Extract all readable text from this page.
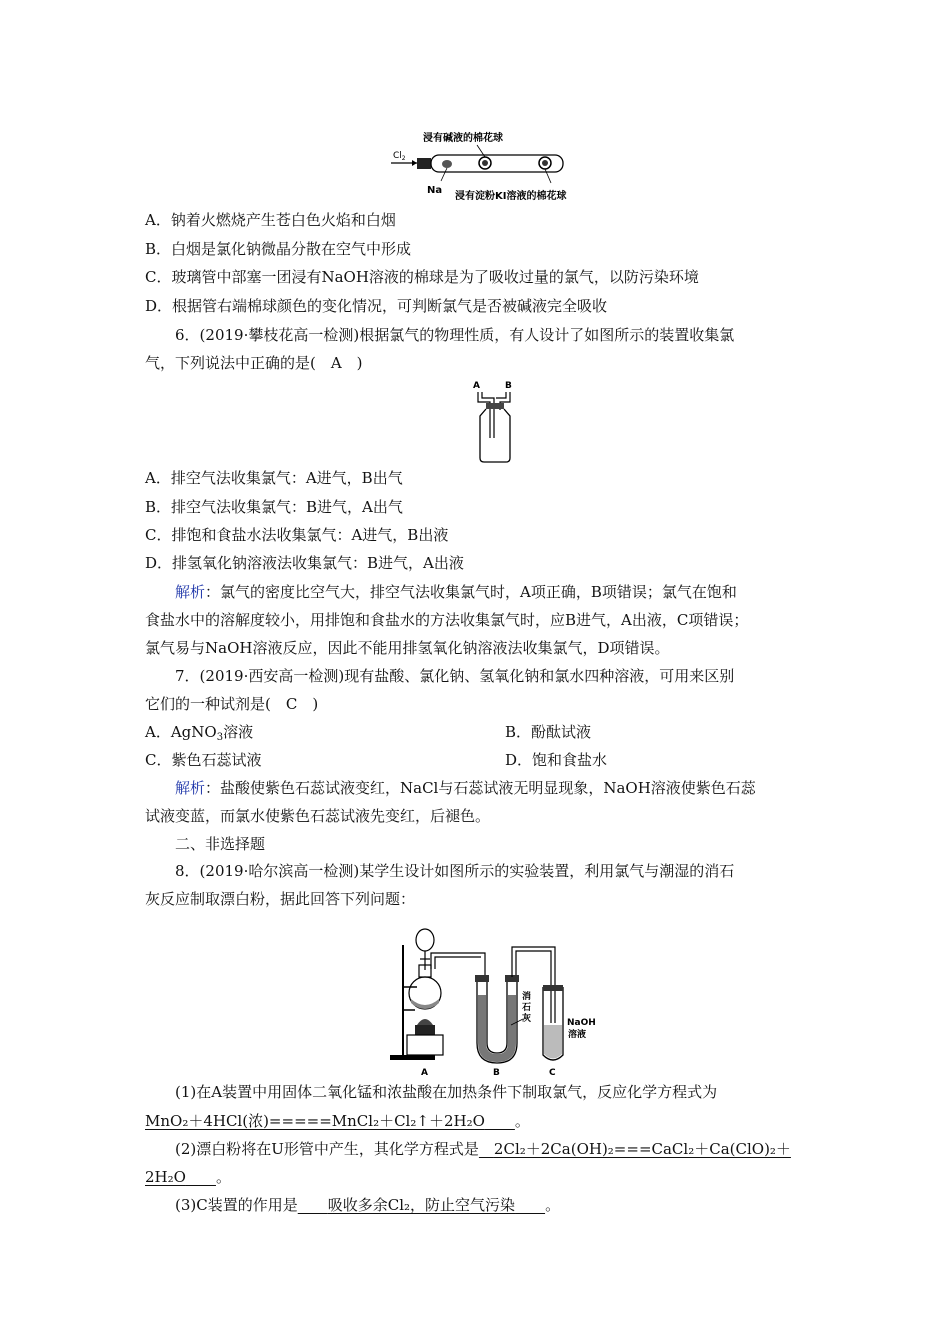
浸有碱液的棉花球
$Cl_2$
Na
浸有淀粉KI溶液的棉花球
A．钠着火燃烧产生苍白色火焰和白烟
B．白烟是氯化钠微晶分散在空气中形成
C．玻璃管中部塞一团浸有NaOH溶液的棉球是为了吸收过量的氯气，以防污染环境
D．根据管右端棉球颜色的变化情况，可判断氯气是否被碱液完全吸收
6．(2019·攀枝花高一检测)根据氯气的物理性质，有人设计了如图所示的装置收集氯
气，下列说法中正确的是(　A　)
A	B
A．排空气法收集氯气：A进气，B出气
B．排空气法收集氯气：B进气，A出气
C．排饱和食盐水法收集氯气：A进气，B出液
D．排氢氧化钠溶液法收集氯气：B进气，A出液
解析：氯气的密度比空气大，排空气法收集氯气时，A项正确，B项错误；氯气在饱和
食盐水中的溶解度较小，用排饱和食盐水的方法收集氯气时，应B进气，A出液，C项错误；
氯气易与NaOH溶液反应，因此不能用排氢氧化钠溶液法收集氯气，D项错误。
7．(2019·西安高一检测)现有盐酸、氯化钠、氢氧化钠和氯水四种溶液，可用来区别
它们的一种试剂是(　C　)
A．AgNO$_3$溶液	B．酚酞试液
C．紫色石蕊试液	D．饱和食盐水
解析：盐酸使紫色石蕊试液变红，NaCl与石蕊试液无明显现象，NaOH溶液使紫色石蕊
试液变蓝，而氯水使紫色石蕊试液先变红，后褪色。
二、非选择题
8．(2019·哈尔滨高一检测)某学生设计如图所示的实验装置，利用氯气与潮湿的消石
灰反应制取漂白粉，据此回答下列问题：
消
石
灰	NaOH
溶液
A	B	C
(1)在A装置中用固体二氧化锰和浓盐酸在加热条件下制取氯气，反应化学方程式为
MnO₂＋4HCl(浓)=====MnCl₂＋Cl₂↑＋2H₂O　　 。
(2)漂白粉将在U形管中产生，其化学方程式是　 2Cl₂＋2Ca(OH)₂===CaCl₂＋Ca(ClO)₂＋
2H₂O　　 。
(3)C装置的作用是　　 吸收多余Cl₂，防止空气污染　　 。
